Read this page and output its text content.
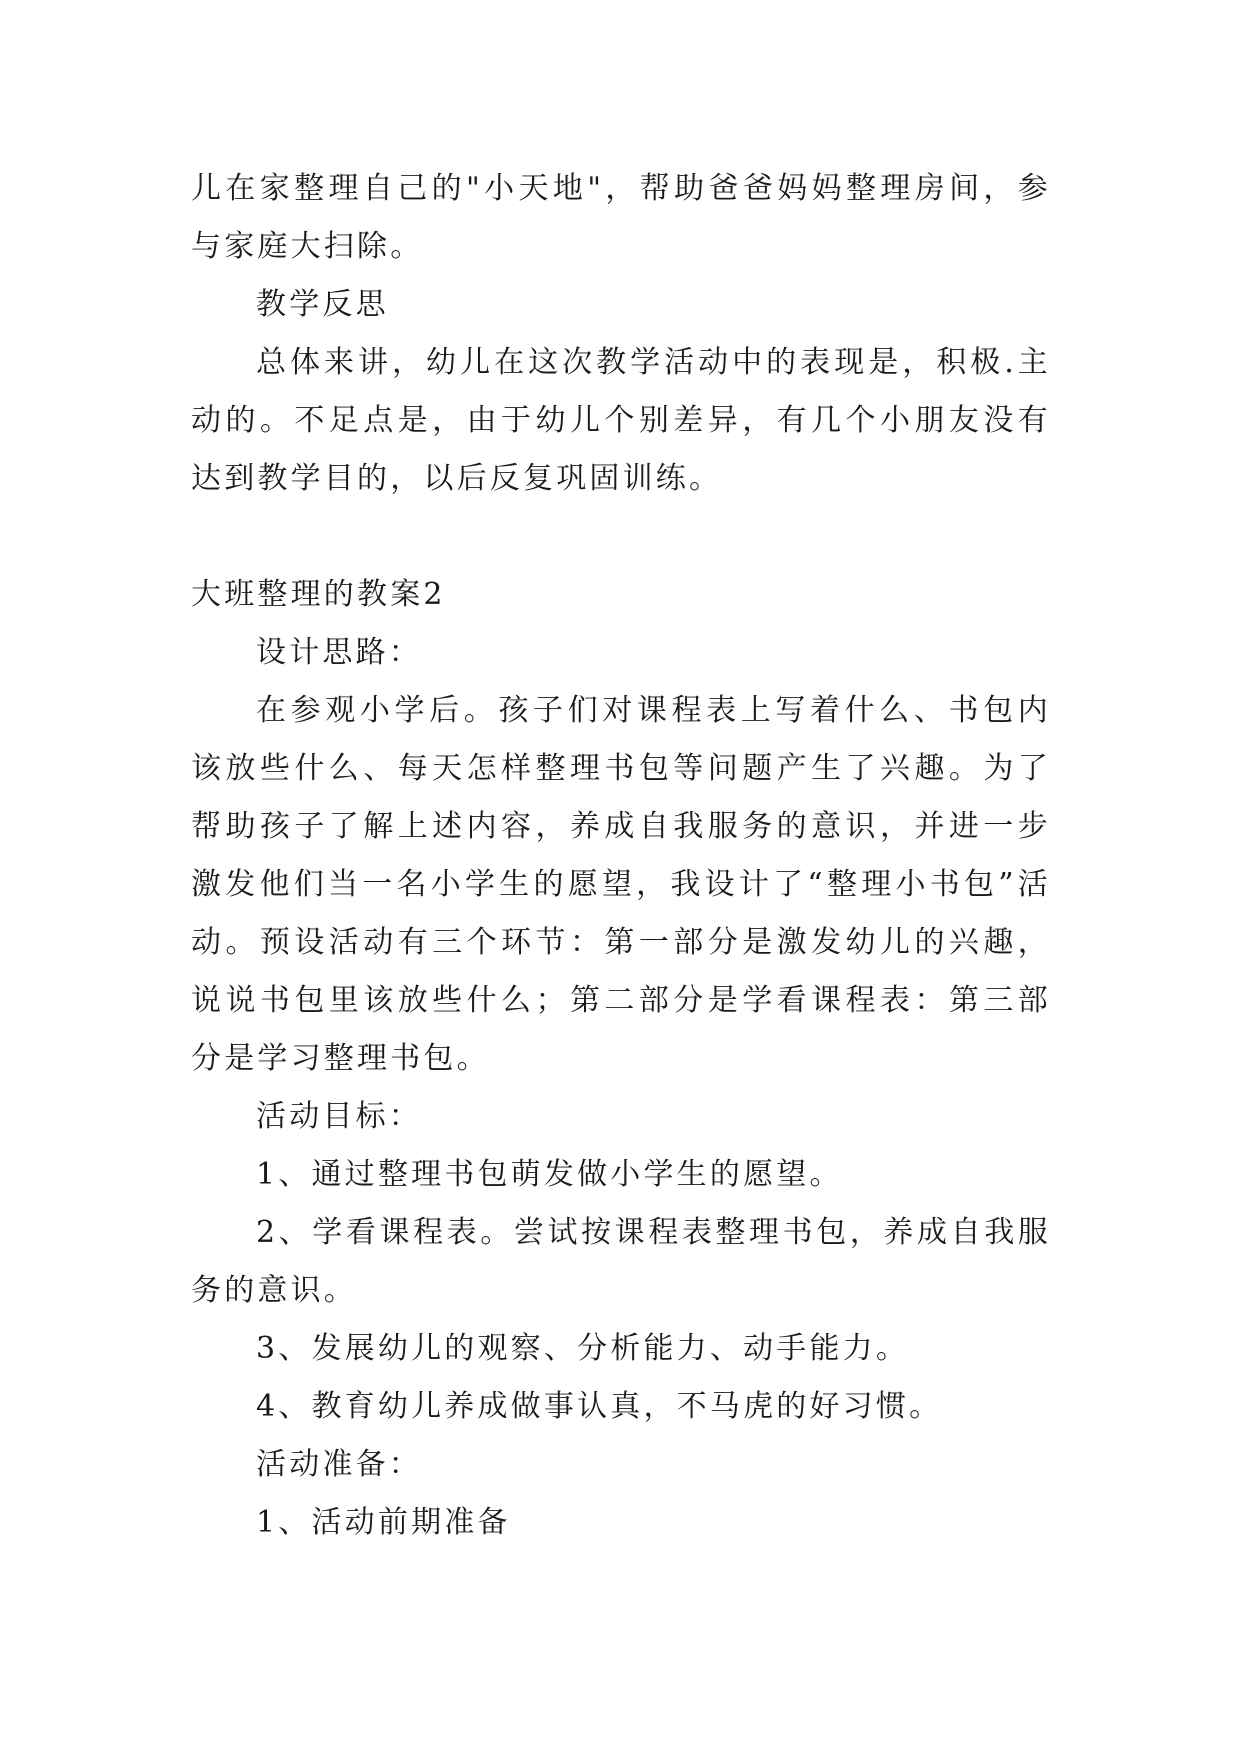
儿在家整理自己的"小天地"，帮助爸爸妈妈整理房间，参与家庭大扫除。

教学反思

总体来讲，幼儿在这次教学活动中的表现是，积极.主动的。不足点是，由于幼儿个别差异，有几个小朋友没有达到教学目的，以后反复巩固训练。

大班整理的教案2

设计思路：

在参观小学后。孩子们对课程表上写着什么、书包内该放些什么、每天怎样整理书包等问题产生了兴趣。为了帮助孩子了解上述内容，养成自我服务的意识，并进一步激发他们当一名小学生的愿望，我设计了“整理小书包”活动。预设活动有三个环节：第一部分是激发幼儿的兴趣，说说书包里该放些什么；第二部分是学看课程表：第三部分是学习整理书包。

活动目标：

1、通过整理书包萌发做小学生的愿望。

2、学看课程表。尝试按课程表整理书包，养成自我服务的意识。

3、发展幼儿的观察、分析能力、动手能力。

4、教育幼儿养成做事认真，不马虎的好习惯。

活动准备：

1、活动前期准备
